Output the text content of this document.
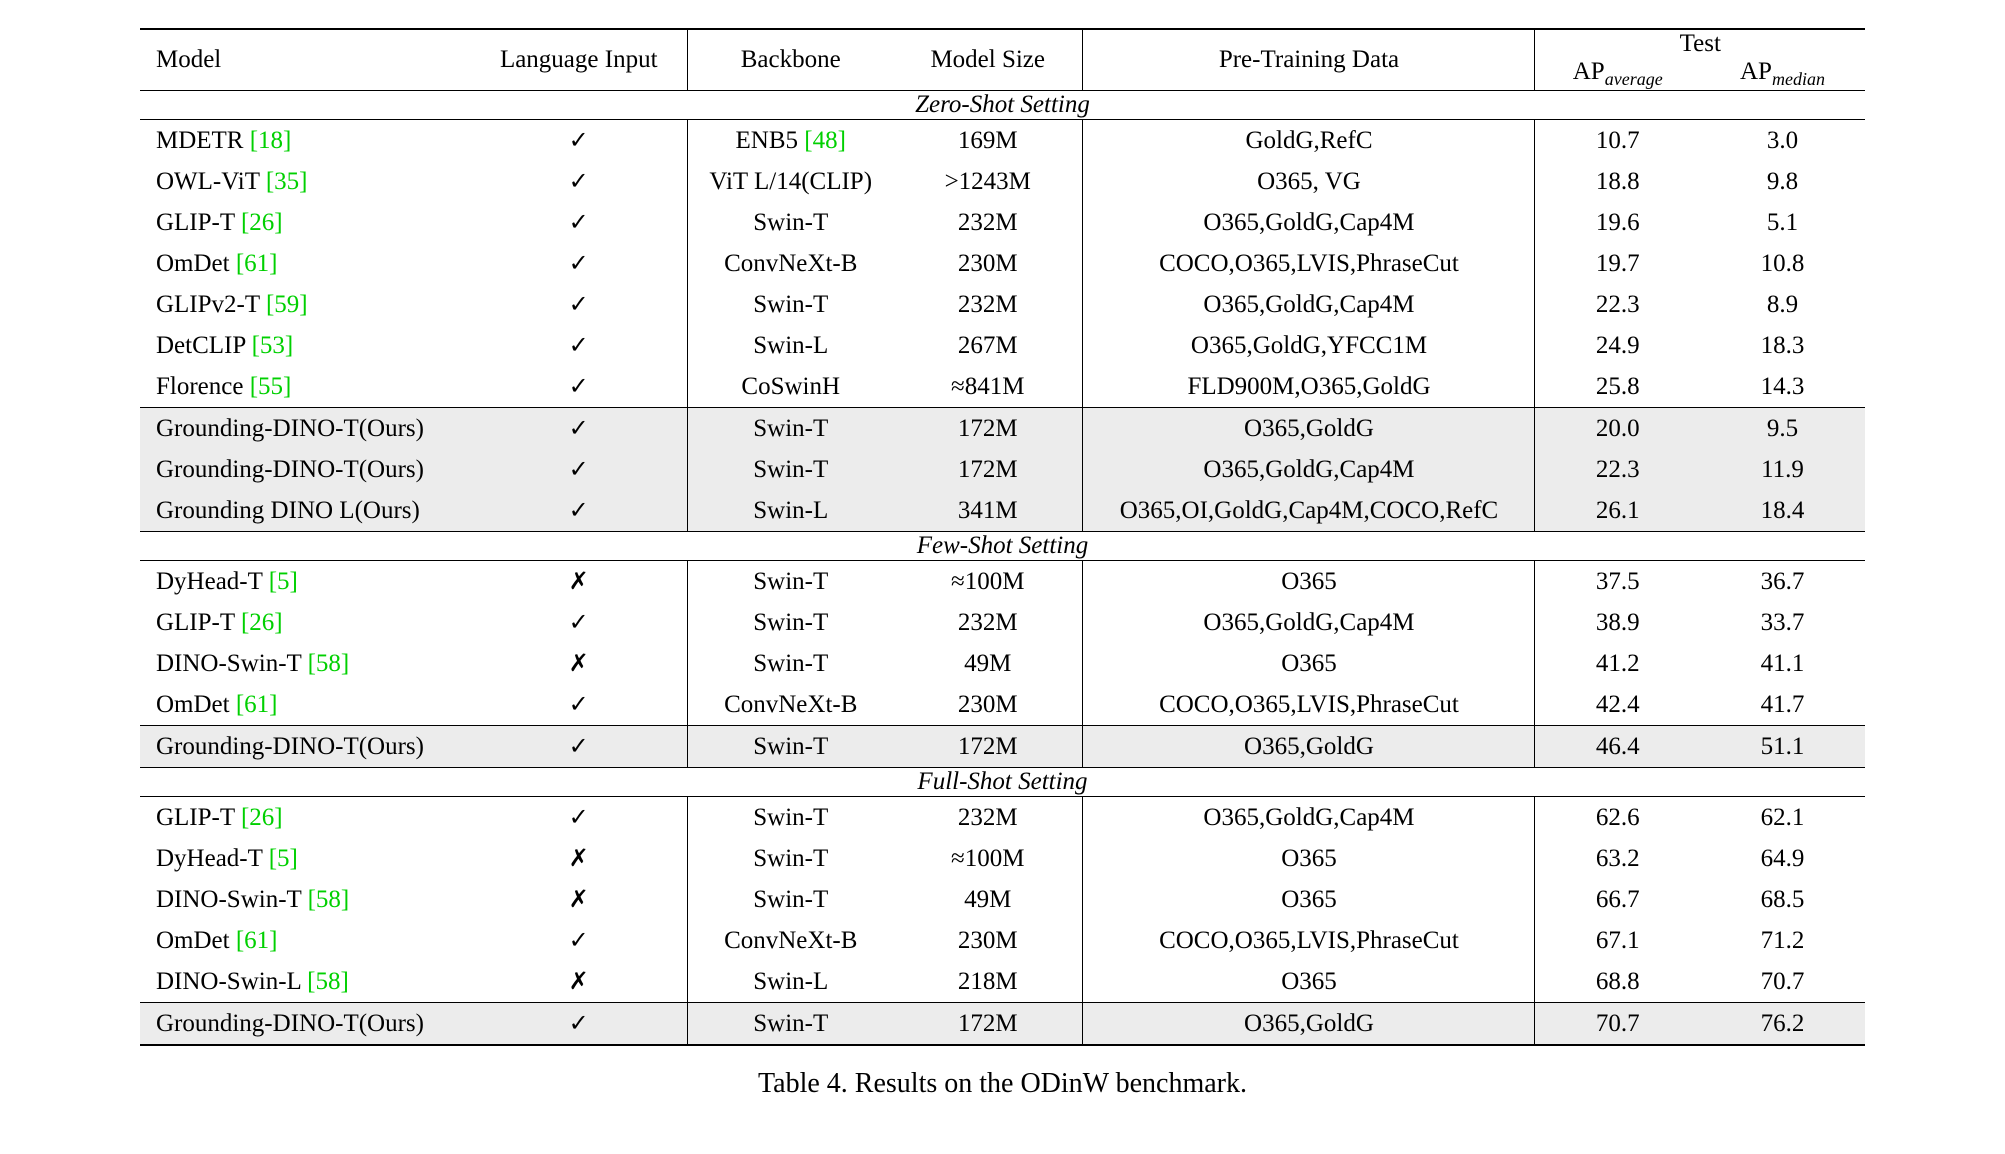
Model	Language Input	Backbone	Model Size	Pre-Training Data	Test	
					$AP_{average}$	$AP_{median}$
Zero-Shot Setting						
MDETR [18]	✓	ENB5 [48]	169M	GoldG,RefC	10.7	3.0
OWL-ViT [35]	✓	ViT L/14(CLIP)	>1243M	O365, VG	18.8	9.8
GLIP-T [26]	✓	Swin-T	232M	O365,GoldG,Cap4M	19.6	5.1
OmDet [61]	✓	ConvNeXt-B	230M	COCO,O365,LVIS,PhraseCut	19.7	10.8
GLIPv2-T [59]	✓	Swin-T	232M	O365,GoldG,Cap4M	22.3	8.9
DetCLIP [53]	✓	Swin-L	267M	O365,GoldG,YFCC1M	24.9	18.3
Florence [55]	✓	CoSwinH	≈841M	FLD900M,O365,GoldG	25.8	14.3
Grounding-DINO-T(Ours)	✓	Swin-T	172M	O365,GoldG	20.0	9.5
Grounding-DINO-T(Ours)	✓	Swin-T	172M	O365,GoldG,Cap4M	22.3	11.9
Grounding DINO L(Ours)	✓	Swin-L	341M	O365,OI,GoldG,Cap4M,COCO,RefC	26.1	18.4
Few-Shot Setting						
DyHead-T [5]	✗	Swin-T	≈100M	O365	37.5	36.7
GLIP-T [26]	✓	Swin-T	232M	O365,GoldG,Cap4M	38.9	33.7
DINO-Swin-T [58]	✗	Swin-T	49M	O365	41.2	41.1
OmDet [61]	✓	ConvNeXt-B	230M	COCO,O365,LVIS,PhraseCut	42.4	41.7
Grounding-DINO-T(Ours)	✓	Swin-T	172M	O365,GoldG	46.4	51.1
Full-Shot Setting						
GLIP-T [26]	✓	Swin-T	232M	O365,GoldG,Cap4M	62.6	62.1
DyHead-T [5]	✗	Swin-T	≈100M	O365	63.2	64.9
DINO-Swin-T [58]	✗	Swin-T	49M	O365	66.7	68.5
OmDet [61]	✓	ConvNeXt-B	230M	COCO,O365,LVIS,PhraseCut	67.1	71.2
DINO-Swin-L [58]	✗	Swin-L	218M	O365	68.8	70.7
Grounding-DINO-T(Ours)	✓	Swin-T	172M	O365,GoldG	70.7	76.2

Table 4. Results on the ODinW benchmark.
